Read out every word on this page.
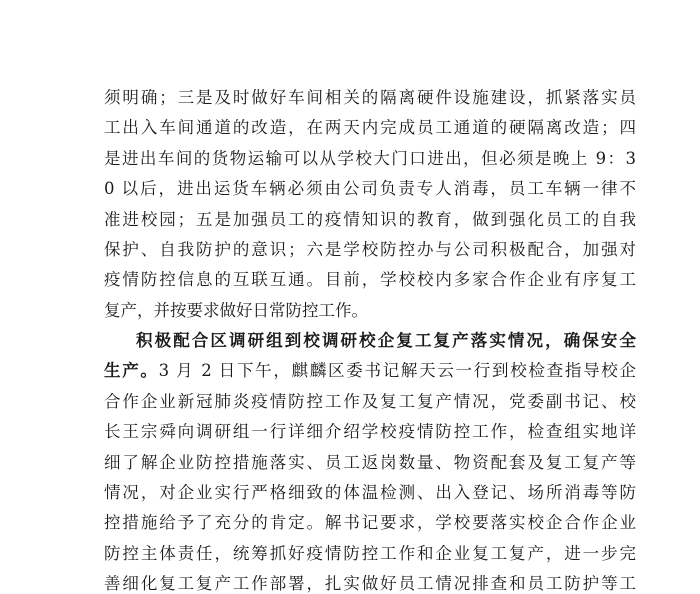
须明确；三是及时做好车间相关的隔离硬件设施建设，抓紧落实员
工出入车间通道的改造，在两天内完成员工通道的硬隔离改造；四
是进出车间的货物运输可以从学校大门口进出，但必须是晚上 9：3
0 以后，进出运货车辆必须由公司负责专人消毒，员工车辆一律不
准进校园；五是加强员工的疫情知识的教育，做到强化员工的自我
保护、自我防护的意识；六是学校防控办与公司积极配合，加强对
疫情防控信息的互联互通。目前，学校校内多家合作企业有序复工
复产，并按要求做好日常防控工作。
积极配合区调研组到校调研校企复工复产落实情况，确保安全
生产。3 月 2 日下午，麒麟区委书记解天云一行到校检查指导校企
合作企业新冠肺炎疫情防控工作及复工复产情况，党委副书记、校
长王宗舜向调研组一行详细介绍学校疫情防控工作，检查组实地详
细了解企业防控措施落实、员工返岗数量、物资配套及复工复产等
情况，对企业实行严格细致的体温检测、出入登记、场所消毒等防
控措施给予了充分的肯定。解书记要求，学校要落实校企合作企业
防控主体责任，统筹抓好疫情防控工作和企业复工复产，进一步完
善细化复工复产工作部署，扎实做好员工情况排查和员工防护等工
